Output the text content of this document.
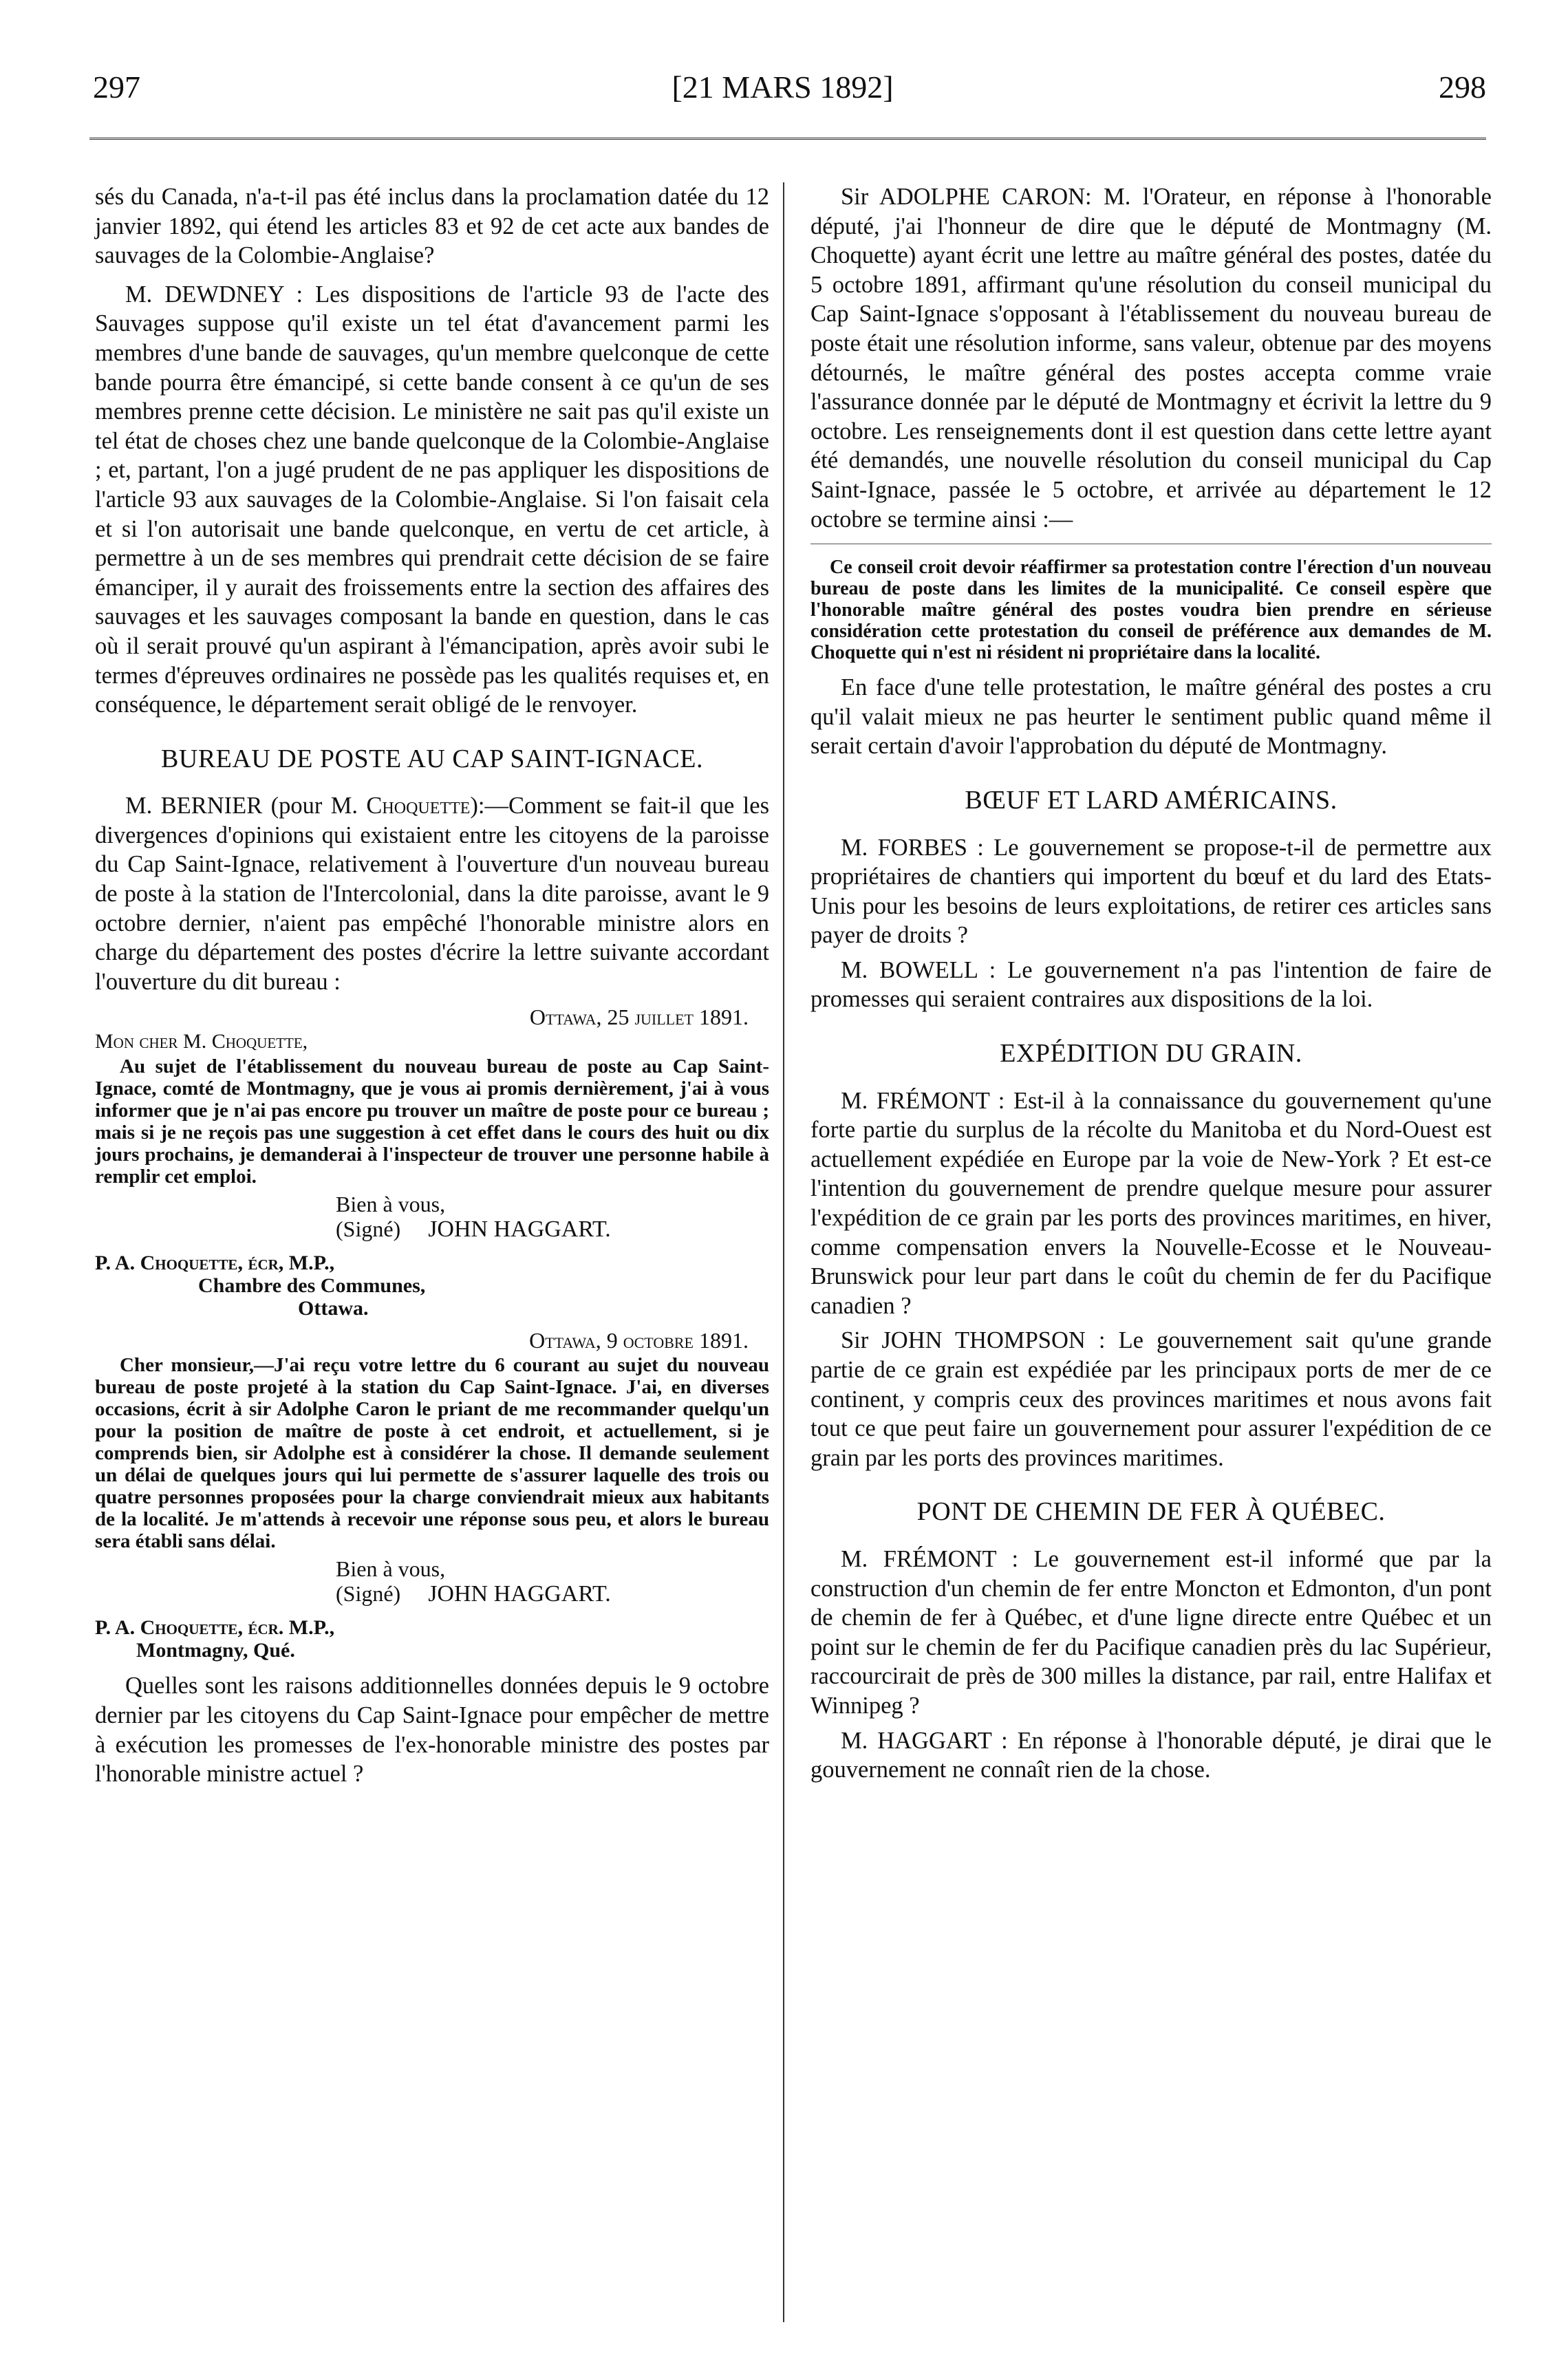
297	[21 MARS 1892]	298

sés du Canada, n'a-t-il pas été inclus dans la proclamation datée du 12 janvier 1892, qui étend les articles 83 et 92 de cet acte aux bandes de sauvages de la Colombie-Anglaise?

M. DEWDNEY : Les dispositions de l'article 93 de l'acte des Sauvages suppose qu'il existe un tel état d'avancement parmi les membres d'une bande de sauvages, qu'un membre quelconque de cette bande pourra être émancipé, si cette bande consent à ce qu'un de ses membres prenne cette décision. Le ministère ne sait pas qu'il existe un tel état de choses chez une bande quelconque de la Colombie-Anglaise ; et, partant, l'on a jugé prudent de ne pas appliquer les dispositions de l'article 93 aux sauvages de la Colombie-Anglaise. Si l'on faisait cela et si l'on autorisait une bande quelconque, en vertu de cet article, à permettre à un de ses membres qui prendrait cette décision de se faire émanciper, il y aurait des froissements entre la section des affaires des sauvages et les sauvages composant la bande en question, dans le cas où il serait prouvé qu'un aspirant à l'émancipation, après avoir subi le termes d'épreuves ordinaires ne possède pas les qualités requises et, en conséquence, le département serait obligé de le renvoyer.

BUREAU DE POSTE AU CAP SAINT-IGNACE.

M. BERNIER (pour M. Choquette):—Comment se fait-il que les divergences d'opinions qui existaient entre les citoyens de la paroisse du Cap Saint-Ignace, relativement à l'ouverture d'un nouveau bureau de poste à la station de l'Intercolonial, dans la dite paroisse, avant le 9 octobre dernier, n'aient pas empêché l'honorable ministre alors en charge du département des postes d'écrire la lettre suivante accordant l'ouverture du dit bureau :

Ottawa, 25 juillet 1891.

Mon cher M. Choquette,

Au sujet de l'établissement du nouveau bureau de poste au Cap Saint-Ignace, comté de Montmagny, que je vous ai promis dernièrement, j'ai à vous informer que je n'ai pas encore pu trouver un maître de poste pour ce bureau ; mais si je ne reçois pas une suggestion à cet effet dans le cours des huit ou dix jours prochains, je demanderai à l'inspecteur de trouver une personne habile à remplir cet emploi.

Bien à vous,
(Signé) JOHN HAGGART.
P. A. Choquette, écr, M.P.,
Chambre des Communes,
Ottawa.

Ottawa, 9 octobre 1891.

Cher monsieur,—J'ai reçu votre lettre du 6 courant au sujet du nouveau bureau de poste projeté à la station du Cap Saint-Ignace. J'ai, en diverses occasions, écrit à sir Adolphe Caron le priant de me recommander quelqu'un pour la position de maître de poste à cet endroit, et actuellement, si je comprends bien, sir Adolphe est à considérer la chose. Il demande seulement un délai de quelques jours qui lui permette de s'assurer laquelle des trois ou quatre personnes proposées pour la charge conviendrait mieux aux habitants de la localité. Je m'attends à recevoir une réponse sous peu, et alors le bureau sera établi sans délai.

Bien à vous,
(Signé) JOHN HAGGART.
P. A. Choquette, écr. M.P.,
Montmagny, Qué.

Quelles sont les raisons additionnelles données depuis le 9 octobre dernier par les citoyens du Cap Saint-Ignace pour empêcher de mettre à exécution les promesses de l'ex-honorable ministre des postes par l'honorable ministre actuel ?

Sir ADOLPHE CARON: M. l'Orateur, en réponse à l'honorable député, j'ai l'honneur de dire que le député de Montmagny (M. Choquette) ayant écrit une lettre au maître général des postes, datée du 5 octobre 1891, affirmant qu'une résolution du conseil municipal du Cap Saint-Ignace s'opposant à l'établissement du nouveau bureau de poste était une résolution informe, sans valeur, obtenue par des moyens détournés, le maître général des postes accepta comme vraie l'assurance donnée par le député de Montmagny et écrivit la lettre du 9 octobre. Les renseignements dont il est question dans cette lettre ayant été demandés, une nouvelle résolution du conseil municipal du Cap Saint-Ignace, passée le 5 octobre, et arrivée au département le 12 octobre se termine ainsi :—

Ce conseil croit devoir réaffirmer sa protestation contre l'érection d'un nouveau bureau de poste dans les limites de la municipalité. Ce conseil espère que l'honorable maître général des postes voudra bien prendre en sérieuse considération cette protestation du conseil de préférence aux demandes de M. Choquette qui n'est ni résident ni propriétaire dans la localité.

En face d'une telle protestation, le maître général des postes a cru qu'il valait mieux ne pas heurter le sentiment public quand même il serait certain d'avoir l'approbation du député de Montmagny.

BŒUF ET LARD AMÉRICAINS.

M. FORBES : Le gouvernement se propose-t-il de permettre aux propriétaires de chantiers qui importent du bœuf et du lard des Etats-Unis pour les besoins de leurs exploitations, de retirer ces articles sans payer de droits ?

M. BOWELL : Le gouvernement n'a pas l'intention de faire de promesses qui seraient contraires aux dispositions de la loi.

EXPÉDITION DU GRAIN.

M. FRÉMONT : Est-il à la connaissance du gouvernement qu'une forte partie du surplus de la récolte du Manitoba et du Nord-Ouest est actuellement expédiée en Europe par la voie de New-York ? Et est-ce l'intention du gouvernement de prendre quelque mesure pour assurer l'expédition de ce grain par les ports des provinces maritimes, en hiver, comme compensation envers la Nouvelle-Ecosse et le Nouveau-Brunswick pour leur part dans le coût du chemin de fer du Pacifique canadien ?

Sir JOHN THOMPSON : Le gouvernement sait qu'une grande partie de ce grain est expédiée par les principaux ports de mer de ce continent, y compris ceux des provinces maritimes et nous avons fait tout ce que peut faire un gouvernement pour assurer l'expédition de ce grain par les ports des provinces maritimes.

PONT DE CHEMIN DE FER À QUÉBEC.

M. FRÉMONT : Le gouvernement est-il informé que par la construction d'un chemin de fer entre Moncton et Edmonton, d'un pont de chemin de fer à Québec, et d'une ligne directe entre Québec et un point sur le chemin de fer du Pacifique canadien près du lac Supérieur, raccourcirait de près de 300 milles la distance, par rail, entre Halifax et Winnipeg ?

M. HAGGART : En réponse à l'honorable député, je dirai que le gouvernement ne connaît rien de la chose.
